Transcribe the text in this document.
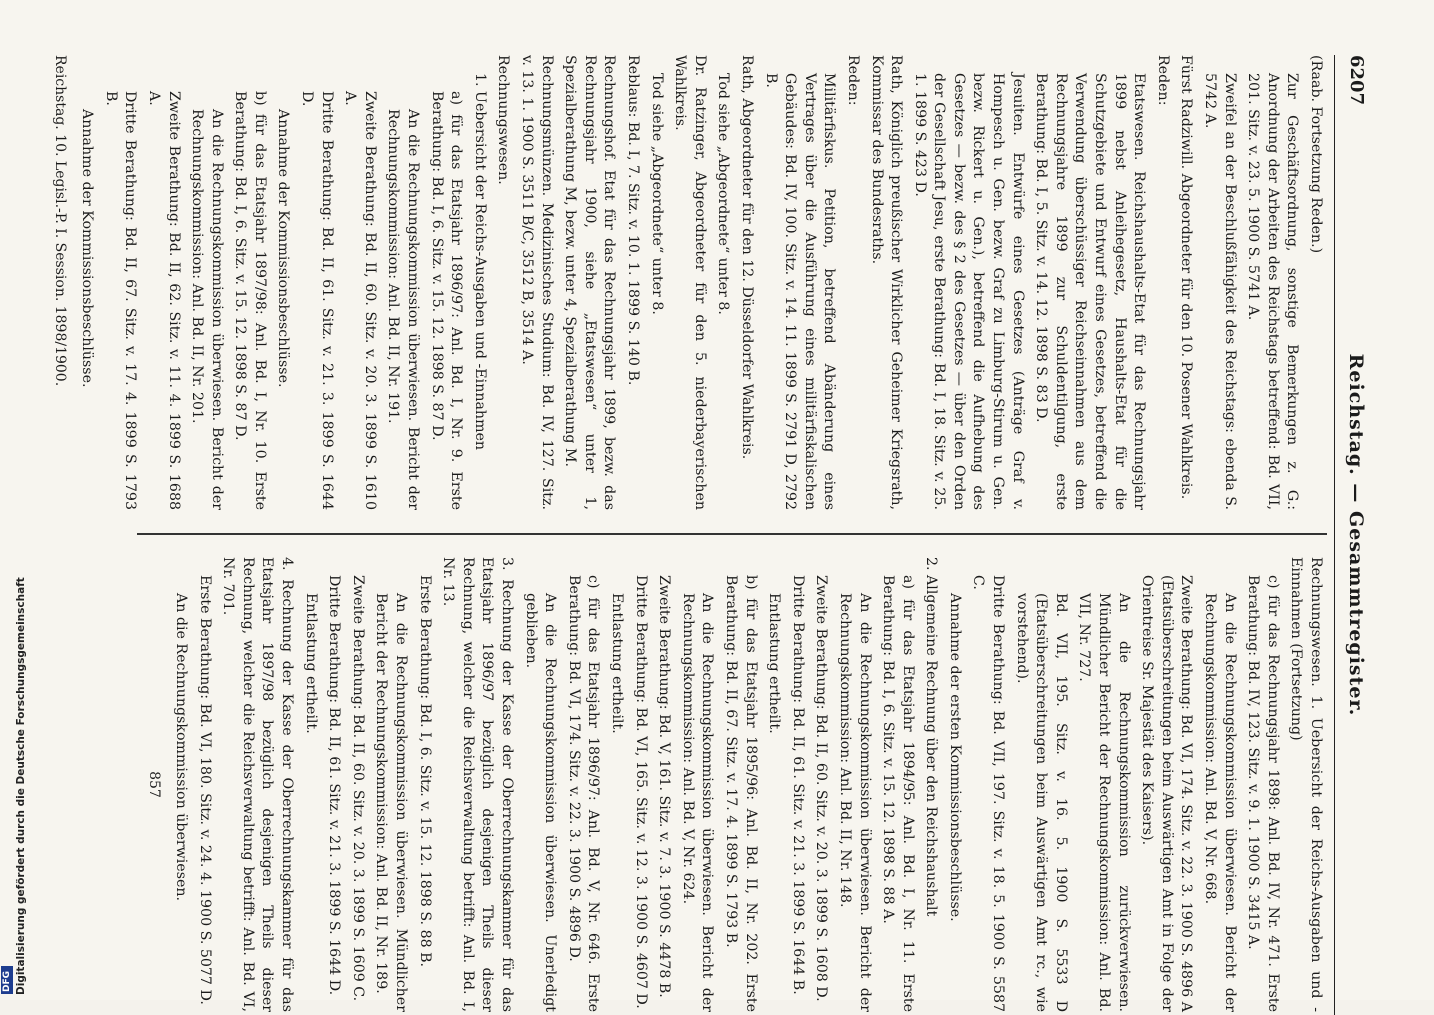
6207
Reichstag. — Gesammtregister.
(Raab. Fortsetzung Reden.)
Zur Geschäftsordnung, sonstige Bemerkungen z. G.: Anordnung der Arbeiten des Reichstags betreffend: Bd. VII, 201. Sitz. v. 23. 5. 1900 S. 5741 A.
Zweifel an der Beschlußfähigkeit des Reichstags: ebenda S. 5742 A.
Fürst Radziwill. Abgeordneter für den 10. Posener Wahlkreis.
Reden:
Etatswesen. Reichshaushalts-Etat für das Rechnungsjahr 1899 nebst Anleihegesetz, Haushalts-Etat für die Schutzgebiete und Entwurf eines Gesetzes, betreffend die Verwendung überschüssiger Reichseinnahmen aus dem Rechnungsjahre 1899 zur Schuldentilgung, erste Berathung: Bd. I, 5. Sitz. v. 14. 12. 1898 S. 83 D.
Jesuiten. Entwürfe eines Gesetzes (Anträge Graf v. Hompesch u. Gen. bezw. Graf zu Limburg-Stirum u. Gen. bezw. Rickert u. Gen.), betreffend die Aufhebung des Gesetzes — bezw. des § 2 des Gesetzes — über den Orden der Gesellschaft Jesu, erste Berathung: Bd. I, 18. Sitz. v. 25. 1. 1899 S. 423 D.
Rath, Königlich preußischer Wirklicher Geheimer Kriegsrath, Kommissar des Bundesraths.
Reden:
Militärfiskus. Petition, betreffend Abänderung eines Vertrages über die Ausführung eines militärfiskalischen Gebäudes: Bd. IV, 100. Sitz. v. 14. 11. 1899 S. 2791 D, 2792 B.
Rath, Abgeordneter für den 12. Düsseldorfer Wahlkreis.
Tod siehe „Abgeordnete“ unter 8.
Dr. Ratzinger, Abgeordneter für den 5. niederbayerischen Wahlkreis.
Tod siehe „Abgeordnete“ unter 8.
Reblaus: Bd. I, 7. Sitz. v. 10. 1. 1899 S. 140 B.
Rechnungshof. Etat für das Rechnungsjahr 1899, bezw. das Rechnungsjahr 1900, siehe „Etatswesen“ unter 1, Spezialberathung M, bezw. unter 4, Spezialberathung M.
Rechnungsmünzen. Medizinisches Studium: Bd. IV, 127. Sitz. v. 13. 1. 1900 S. 3511 B/C, 3512 B, 3514 A.
Rechnungswesen.
1. Uebersicht der Reichs-Ausgaben und -Einnahmen
a) für das Etatsjahr 1896/97: Anl. Bd. I, Nr. 9. Erste Berathung: Bd. I, 6. Sitz. v. 15. 12. 1898 S. 87 D.
An die Rechnungskommission überwiesen. Bericht der Rechnungskommission: Anl. Bd. II, Nr. 191.
Zweite Berathung: Bd. II, 60. Sitz. v. 20. 3. 1899 S. 1610 A.
Dritte Berathung: Bd. II, 61. Sitz. v. 21. 3. 1899 S. 1644 D.
Annahme der Kommissionsbeschlüsse.
b) für das Etatsjahr 1897/98: Anl. Bd. I, Nr. 10. Erste Berathung: Bd. I, 6. Sitz. v. 15. 12. 1898 S. 87 D.
An die Rechnungskommission überwiesen. Bericht der Rechnungskommission: Anl. Bd. II, Nr. 201.
Zweite Berathung: Bd. II, 62. Sitz. v. 11. 4. 1899 S. 1688 A.
Dritte Berathung: Bd. II, 67. Sitz. v. 17. 4. 1899 S. 1793 B.
Annahme der Kommissionsbeschlüsse.
Reichstag. 10. Legisl.-P. I. Session. 1898/1900.
Rechnungswesen. 1. Uebersicht der Reichs-Ausgaben und -Einnahmen (Fortsetzung)
c) für das Rechnungsjahr 1898: Anl. Bd. IV, Nr. 471. Erste Berathung: Bd. IV, 123. Sitz. v. 9. 1. 1900 S. 3415 A.
An die Rechnungskommission überwiesen. Bericht der Rechnungskommission: Anl. Bd. V, Nr. 668.
Zweite Berathung: Bd. VI, 174. Sitz. v. 22. 3. 1900 S. 4896 A (Etatsüberschreitungen beim Auswärtigen Amt in Folge der Orientreise Sr. Majestät des Kaisers).
An die Rechnungskommission zurückverwiesen. Mündlicher Bericht der Rechnungskommission: Anl. Bd. VII, Nr. 727.
Bd. VII, 195. Sitz. v. 16. 5. 1900 S. 5533 D (Etatsüberschreitungen beim Auswärtigen Amt rc., wie vorstehend).
Dritte Berathung: Bd. VII, 197. Sitz. v. 18. 5. 1900 S. 5587 C.
Annahme der ersten Kommissionsbeschlüsse.
2. Allgemeine Rechnung über den Reichshaushalt
a) für das Etatsjahr 1894/95: Anl. Bd. I, Nr. 11. Erste Berathung: Bd. I, 6. Sitz. v. 15. 12. 1898 S. 88 A.
An die Rechnungskommission überwiesen. Bericht der Rechnungskommission: Anl. Bd. II, Nr. 148.
Zweite Berathung: Bd. II, 60. Sitz. v. 20. 3. 1899 S. 1608 D.
Dritte Berathung: Bd. II, 61. Sitz. v. 21. 3. 1899 S. 1644 B.
Entlastung ertheilt.
b) für das Etatsjahr 1895/96: Anl. Bd. II, Nr. 202. Erste Berathung: Bd. II, 67. Sitz. v. 17. 4. 1899 S. 1793 B.
An die Rechnungskommission überwiesen. Bericht der Rechnungskommission: Anl. Bd. V, Nr. 624.
Zweite Berathung: Bd. V, 161. Sitz. v. 7. 3. 1900 S. 4478 B.
Dritte Berathung: Bd. VI, 165. Sitz. v. 12. 3. 1900 S. 4607 D.
Entlastung ertheilt.
c) für das Etatsjahr 1896/97: Anl. Bd. V, Nr. 646. Erste Berathung: Bd. VI, 174. Sitz. v. 22. 3. 1900 S. 4896 D.
An die Rechnungskommission überwiesen. Unerledigt geblieben.
3. Rechnung der Kasse der Oberrechnungskammer für das Etatsjahr 1896/97 bezüglich desjenigen Theils dieser Rechnung, welcher die Reichsverwaltung betrifft: Anl. Bd. I, Nr. 13.
Erste Berathung: Bd. I, 6. Sitz. v. 15. 12. 1898 S. 88 B.
An die Rechnungskommission überwiesen. Mündlicher Bericht der Rechnungskommission: Anl. Bd. II, Nr. 189.
Zweite Berathung: Bd. II, 60. Sitz. v. 20. 3. 1899 S. 1609 C.
Dritte Berathung: Bd. II, 61. Sitz. v. 21. 3. 1899 S. 1644 D.
Entlastung ertheilt.
4. Rechnung der Kasse der Oberrechnungskammer für das Etatsjahr 1897/98 bezüglich desjenigen Theils dieser Rechnung, welcher die Reichsverwaltung betrifft: Anl. Bd. VI, Nr. 701.
Erste Berathung: Bd. VI, 180. Sitz. v. 24. 4. 1900 S. 5077 D.
An die Rechnungskommission überwiesen.
857
Digitalisierung gefördert durch die Deutsche Forschungsgemeinschaft
DFG
